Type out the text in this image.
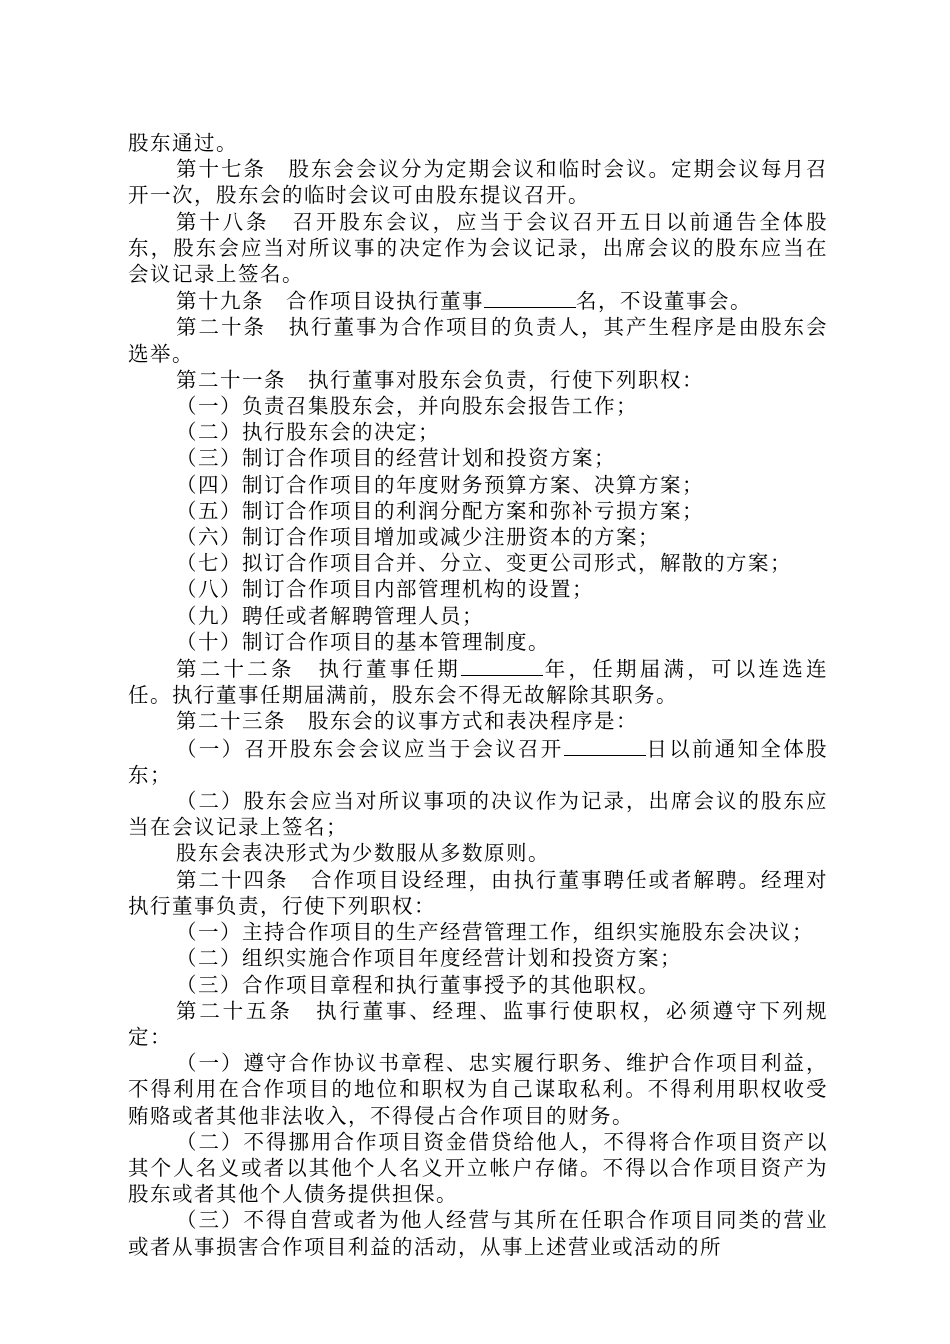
股东通过。

第十七条　股东会会议分为定期会议和临时会议。定期会议每月召开一次，股东会的临时会议可由股东提议召开。

第十八条　召开股东会议，应当于会议召开五日以前通告全体股东，股东会应当对所议事的决定作为会议记录，出席会议的股东应当在会议记录上签名。

第十九条　合作项目设执行董事	名，不设董事会。

第二十条　执行董事为合作项目的负责人，其产生程序是由股东会选举。

第二十一条　执行董事对股东会负责，行使下列职权：

（一）负责召集股东会，并向股东会报告工作；

（二）执行股东会的决定；

（三）制订合作项目的经营计划和投资方案；

（四）制订合作项目的年度财务预算方案、决算方案；

（五）制订合作项目的利润分配方案和弥补亏损方案；

（六）制订合作项目增加或减少注册资本的方案；

（七）拟订合作项目合并、分立、变更公司形式，解散的方案；

（八）制订合作项目内部管理机构的设置；

（九）聘任或者解聘管理人员；

（十）制订合作项目的基本管理制度。

第二十二条　执行董事任期	年，任期届满，可以连选连任。执行董事任期届满前，股东会不得无故解除其职务。

第二十三条　股东会的议事方式和表决程序是：

（一）召开股东会会议应当于会议召开	日以前通知全体股东；

（二）股东会应当对所议事项的决议作为记录，出席会议的股东应当在会议记录上签名；

股东会表决形式为少数服从多数原则。

第二十四条　合作项目设经理，由执行董事聘任或者解聘。经理对执行董事负责，行使下列职权：

（一）主持合作项目的生产经营管理工作，组织实施股东会决议；

（二）组织实施合作项目年度经营计划和投资方案；

（三）合作项目章程和执行董事授予的其他职权。

第二十五条　执行董事、经理、监事行使职权，必须遵守下列规定：

（一）遵守合作协议书章程、忠实履行职务、维护合作项目利益，不得利用在合作项目的地位和职权为自己谋取私利。不得利用职权收受贿赂或者其他非法收入，不得侵占合作项目的财务。

（二）不得挪用合作项目资金借贷给他人，不得将合作项目资产以其个人名义或者以其他个人名义开立帐户存储。不得以合作项目资产为股东或者其他个人债务提供担保。

（三）不得自营或者为他人经营与其所在任职合作项目同类的营业或者从事损害合作项目利益的活动，从事上述营业或活动的所
